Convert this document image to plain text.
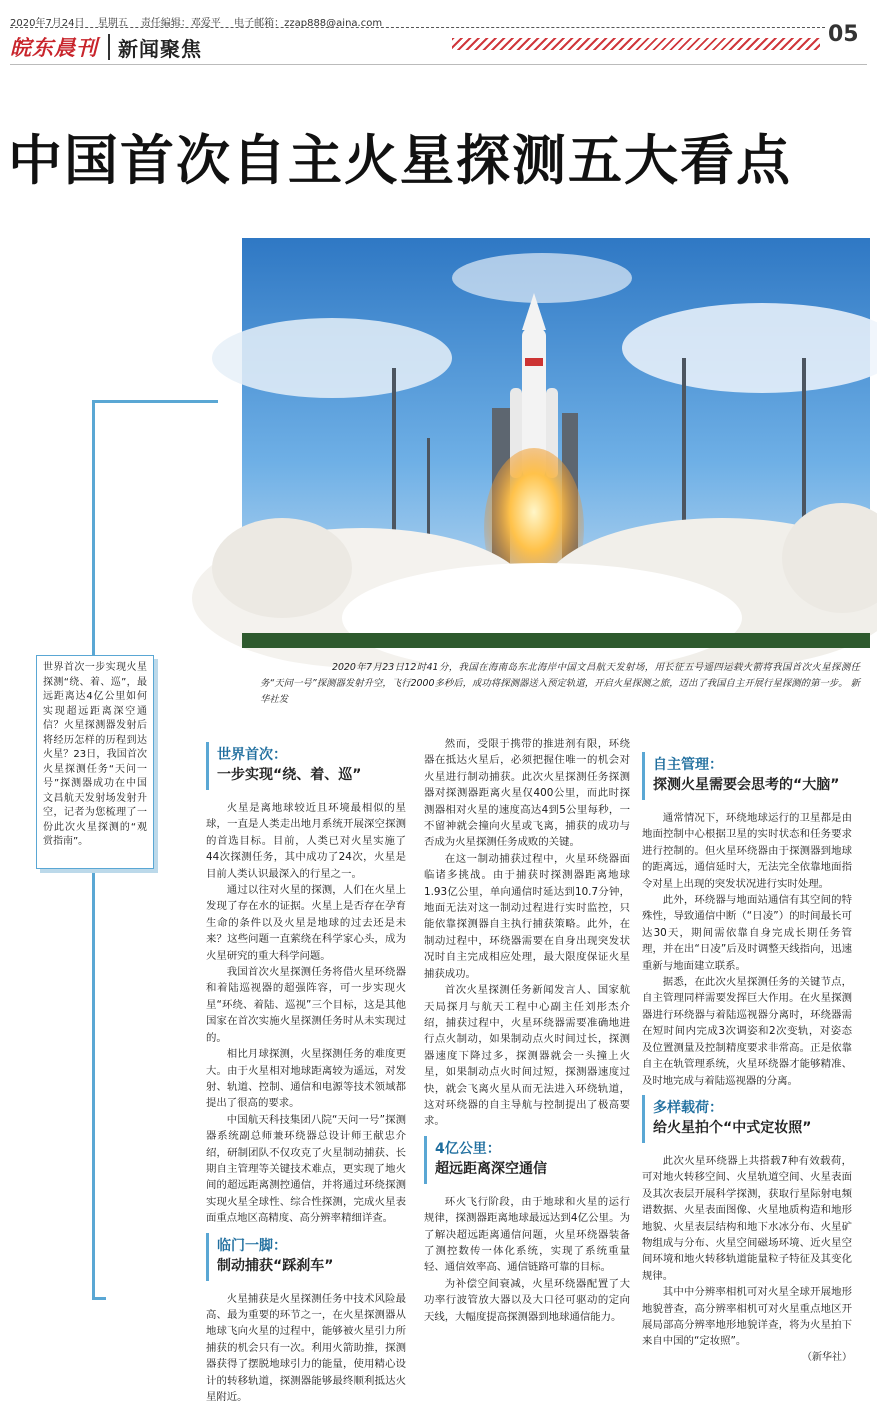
2020年7月24日 星期五 责任编辑：邓爱平 电子邮箱：zzap888@aina.com
皖东晨刊 新闻聚焦
05
中国首次自主火星探测五大看点
世界首次一步实现火星探测“绕、着、巡”，最远距离达4亿公里如何实现超远距离深空通信？火星探测器发射后将经历怎样的历程到达火星？23日，我国首次火星探测任务“天问一号”探测器成功在中国文昌航天发射场发射升空，记者为您梳理了一份此次火星探测的“观赏指南”。
2020年7月23日12时41分，我国在海南岛东北海岸中国文昌航天发射场，用长征五号遥四运载火箭将我国首次火星探测任务“天问一号”探测器发射升空，飞行2000多秒后，成功将探测器送入预定轨道，开启火星探测之旅，迈出了我国自主开展行星探测的第一步。 新华社发
世界首次：
一步实现“绕、着、巡”

火星是离地球较近且环境最相似的星球，一直是人类走出地月系统开展深空探测的首选目标。目前，人类已对火星实施了44次探测任务，其中成功了24次，火星是目前人类认识最深入的行星之一。

通过以往对火星的探测，人们在火星上发现了存在水的证据。火星上是否存在孕育生命的条件以及火星是地球的过去还是未来？这些问题一直萦绕在科学家心头，成为火星研究的重大科学问题。

我国首次火星探测任务将借火星环绕器和着陆巡视器的超强阵容，可一步实现火星“环绕、着陆、巡视”三个目标，这是其他国家在首次实施火星探测任务时从未实现过的。

相比月球探测，火星探测任务的难度更大。由于火星相对地球距离较为遥远，对发射、轨道、控制、通信和电源等技术领域都提出了很高的要求。

中国航天科技集团八院“天问一号”探测器系统副总师兼环绕器总设计师王献忠介绍，研制团队不仅攻克了火星制动捕获、长期自主管理等关键技术难点，更实现了地火间的超远距离测控通信，并将通过环绕探测实现火星全球性、综合性探测，完成火星表面重点地区高精度、高分辨率精细详查。

临门一脚：
制动捕获“踩刹车”

火星捕获是火星探测任务中技术风险最高、最为重要的环节之一，在火星探测器从地球飞向火星的过程中，能够被火星引力所捕获的机会只有一次。利用火箭助推，探测器获得了摆脱地球引力的能量，使用精心设计的转移轨道，探测器能够最终顺利抵达火星附近。

然而，受限于携带的推进剂有限，环绕器在抵达火星后，必须把握住唯一的机会对火星进行制动捕获。此次火星探测任务探测器对探测器距离火星仅400公里，而此时探测器相对火星的速度高达4到5公里每秒，一不留神就会撞向火星或飞离，捕获的成功与否成为火星探测任务成败的关键。

在这一制动捕获过程中，火星环绕器面临诸多挑战。由于捕获时探测器距离地球1.93亿公里，单向通信时延达到10.7分钟，地面无法对这一制动过程进行实时监控，只能依靠探测器自主执行捕获策略。此外，在制动过程中，环绕器需要在自身出现突发状况时自主完成相应处理，最大限度保证火星捕获成功。

首次火星探测任务新闻发言人、国家航天局探月与航天工程中心副主任刘彤杰介绍，捕获过程中，火星环绕器需要准确地进行点火制动，如果制动点火时间过长，探测器速度下降过多，探测器就会一头撞上火星，如果制动点火时间过短，探测器速度过快，就会飞离火星从而无法进入环绕轨道，这对环绕器的自主导航与控制提出了极高要求。

4亿公里：
超远距离深空通信

环火飞行阶段，由于地球和火星的运行规律，探测器距离地球最远达到4亿公里。为了解决超远距离通信问题，火星环绕器装备了测控数传一体化系统，实现了系统重量轻、通信效率高、通信链路可靠的目标。

为补偿空间衰减，火星环绕器配置了大功率行波管放大器以及大口径可驱动的定向天线，大幅度提高探测器到地球通信能力。

自主管理：
探测火星需要会思考的“大脑”

通常情况下，环绕地球运行的卫星都是由地面控制中心根据卫星的实时状态和任务要求进行控制的。但火星环绕器由于探测器到地球的距离远，通信延时大，无法完全依靠地面指令对星上出现的突发状况进行实时处理。

此外，环绕器与地面站通信有其空间的特殊性，导致通信中断（“日凌”）的时间最长可达30天，期间需依靠自身完成长期任务管理，并在出“日凌”后及时调整天线指向，迅速重新与地面建立联系。

据悉，在此次火星探测任务的关键节点，自主管理同样需要发挥巨大作用。在火星探测器进行环绕器与着陆巡视器分离时，环绕器需在短时间内完成3次调姿和2次变轨，对姿态及位置测量及控制精度要求非常高。正是依靠自主在轨管理系统，火星环绕器才能够精准、及时地完成与着陆巡视器的分离。

多样载荷：
给火星拍个“中式定妆照”

此次火星环绕器上共搭载7种有效载荷，可对地火转移空间、火星轨道空间、火星表面及其次表层开展科学探测，获取行星际射电频谱数据、火星表面图像、火星地质构造和地形地貌、火星表层结构和地下水冰分布、火星矿物组成与分布、火星空间磁场环境、近火星空间环境和地火转移轨道能量粒子特征及其变化规律。

其中中分辨率相机可对火星全球开展地形地貌普查，高分辨率相机可对火星重点地区开展局部高分辨率地形地貌详查，将为火星拍下来自中国的“定妆照”。

（新华社）
